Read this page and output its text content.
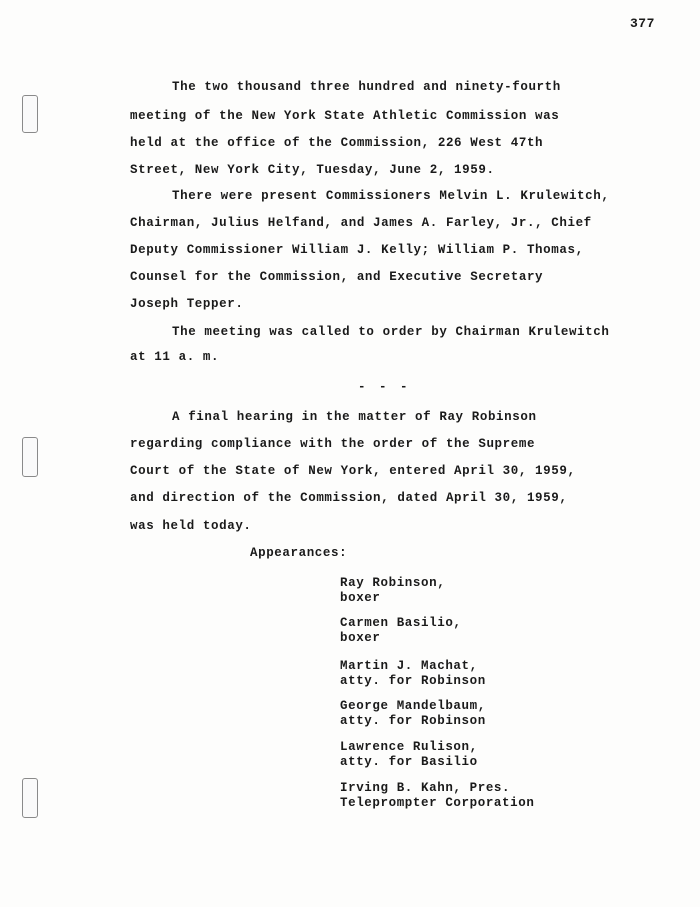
377
The two thousand three hundred and ninety-fourth
meeting of the New York State Athletic Commission was
held at the office of the Commission, 226 West 47th
Street, New York City, Tuesday, June 2, 1959.
There were present Commissioners Melvin L. Krulewitch,
Chairman, Julius Helfand, and James A. Farley, Jr., Chief
Deputy Commissioner William J. Kelly; William P. Thomas,
Counsel for the Commission, and Executive Secretary
Joseph Tepper.
The meeting was called to order by Chairman Krulewitch
at 11 a. m.
- - -
A final hearing in the matter of Ray Robinson
regarding compliance with the order of the Supreme
Court of the State of New York, entered April 30, 1959,
and direction of the Commission, dated April 30, 1959,
was held today.
Appearances:
Ray Robinson,
boxer
Carmen Basilio,
boxer
Martin J. Machat,
atty. for Robinson
George Mandelbaum,
atty. for Robinson
Lawrence Rulison,
atty. for Basilio
Irving B. Kahn, Pres.
Teleprompter Corporation
